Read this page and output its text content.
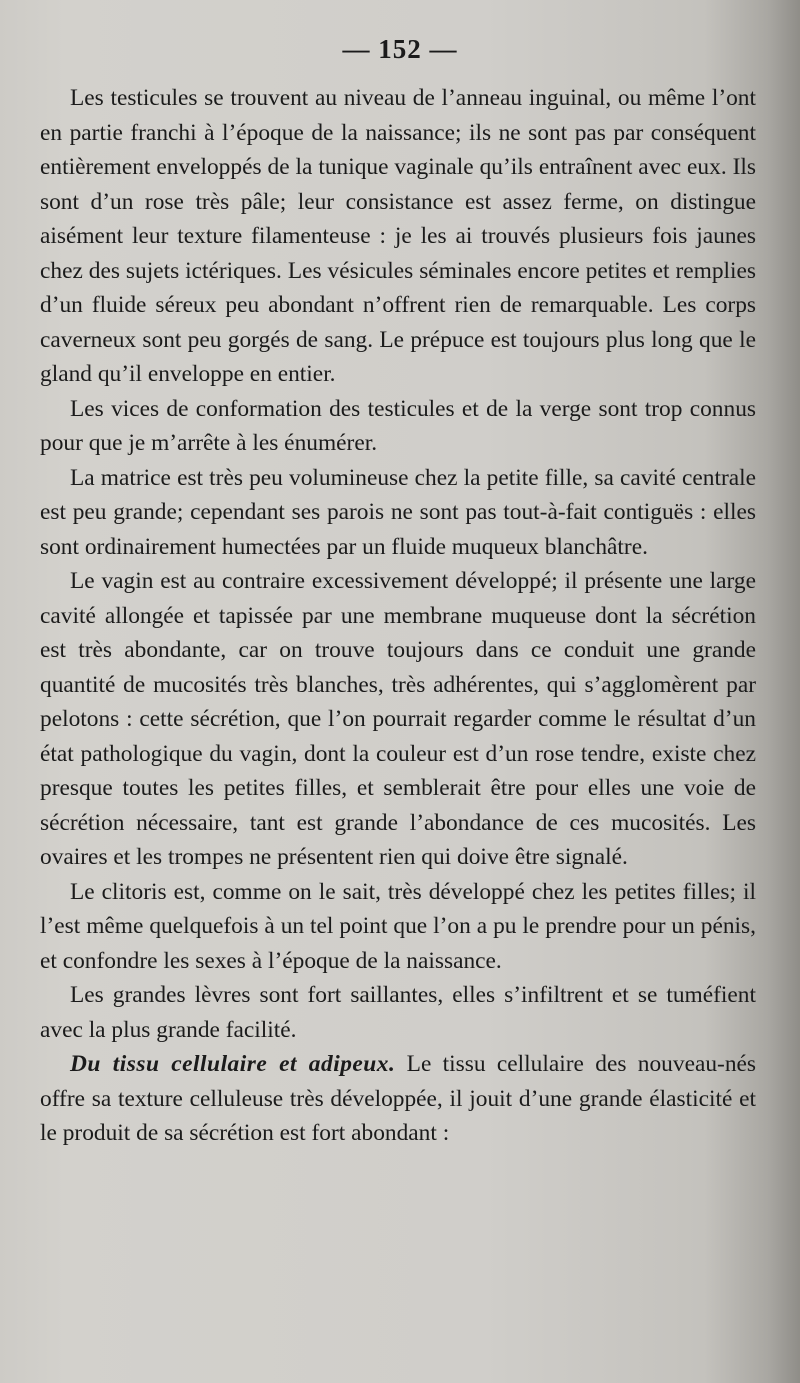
— 152 —

Les testicules se trouvent au niveau de l’anneau inguinal, ou même l’ont en partie franchi à l’époque de la naissance; ils ne sont pas par conséquent entièrement enveloppés de la tunique vaginale qu’ils entraînent avec eux. Ils sont d’un rose très pâle; leur consistance est assez ferme, on distingue aisément leur texture filamenteuse : je les ai trouvés plusieurs fois jaunes chez des sujets ictériques. Les vésicules séminales encore petites et remplies d’un fluide séreux peu abondant n’offrent rien de remarquable. Les corps caverneux sont peu gorgés de sang. Le prépuce est toujours plus long que le gland qu’il enveloppe en entier.

Les vices de conformation des testicules et de la verge sont trop connus pour que je m’arrête à les énumérer.

La matrice est très peu volumineuse chez la petite fille, sa cavité centrale est peu grande; cependant ses parois ne sont pas tout-à-fait contiguës : elles sont ordinairement humectées par un fluide muqueux blanchâtre.

Le vagin est au contraire excessivement développé; il présente une large cavité allongée et tapissée par une membrane muqueuse dont la sécrétion est très abondante, car on trouve toujours dans ce conduit une grande quantité de mucosités très blanches, très adhérentes, qui s’agglomèrent par pelotons : cette sécrétion, que l’on pourrait regarder comme le résultat d’un état pathologique du vagin, dont la couleur est d’un rose tendre, existe chez presque toutes les petites filles, et semblerait être pour elles une voie de sécrétion nécessaire, tant est grande l’abondance de ces mucosités. Les ovaires et les trompes ne présentent rien qui doive être signalé.

Le clitoris est, comme on le sait, très développé chez les petites filles; il l’est même quelquefois à un tel point que l’on a pu le prendre pour un pénis, et confondre les sexes à l’époque de la naissance.

Les grandes lèvres sont fort saillantes, elles s’infiltrent et se tuméfient avec la plus grande facilité.

Du tissu cellulaire et adipeux. Le tissu cellulaire des nouveau-nés offre sa texture celluleuse très développée, il jouit d’une grande élasticité et le produit de sa sécrétion est fort abondant :
